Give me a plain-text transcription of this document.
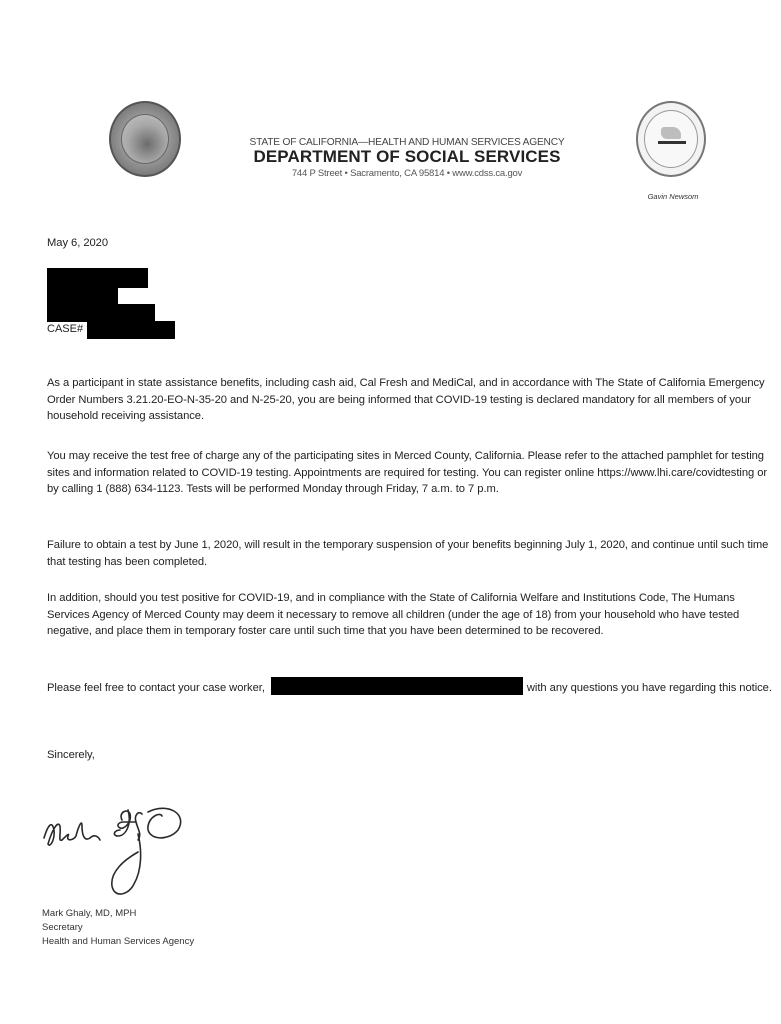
STATE OF CALIFORNIA—HEALTH AND HUMAN SERVICES AGENCY
DEPARTMENT OF SOCIAL SERVICES
744 P Street • Sacramento, CA 95814 • www.cdss.ca.gov
Gavin Newsom
May 6, 2020
CASE#
As a participant in state assistance benefits, including cash aid, Cal Fresh and MediCal, and in accordance with The State of California Emergency Order Numbers 3.21.20-EO-N-35-20 and N-25-20, you are being informed that COVID-19 testing is declared mandatory for all members of your household receiving assistance.
You may receive the test free of charge any of the participating sites in Merced County, California. Please refer to the attached pamphlet for testing sites and information related to COVID-19 testing. Appointments are required for testing. You can register online https://www.lhi.care/covidtesting or by calling 1 (888) 634-1123. Tests will be performed Monday through Friday, 7 a.m. to 7 p.m.
Failure to obtain a test by June 1, 2020, will result in the temporary suspension of your benefits beginning July 1, 2020, and continue until such time that testing has been completed.
In addition, should you test positive for COVID-19, and in compliance with the State of California Welfare and Institutions Code, The Humans Services Agency of Merced County may deem it necessary to remove all children (under the age of 18) from your household who have tested negative, and place them in temporary foster care until such time that you have been determined to be recovered.
Please feel free to contact your case worker,	with any questions you have regarding this notice.
Sincerely,
Mark Ghaly, MD, MPH
Secretary
Health and Human Services Agency
